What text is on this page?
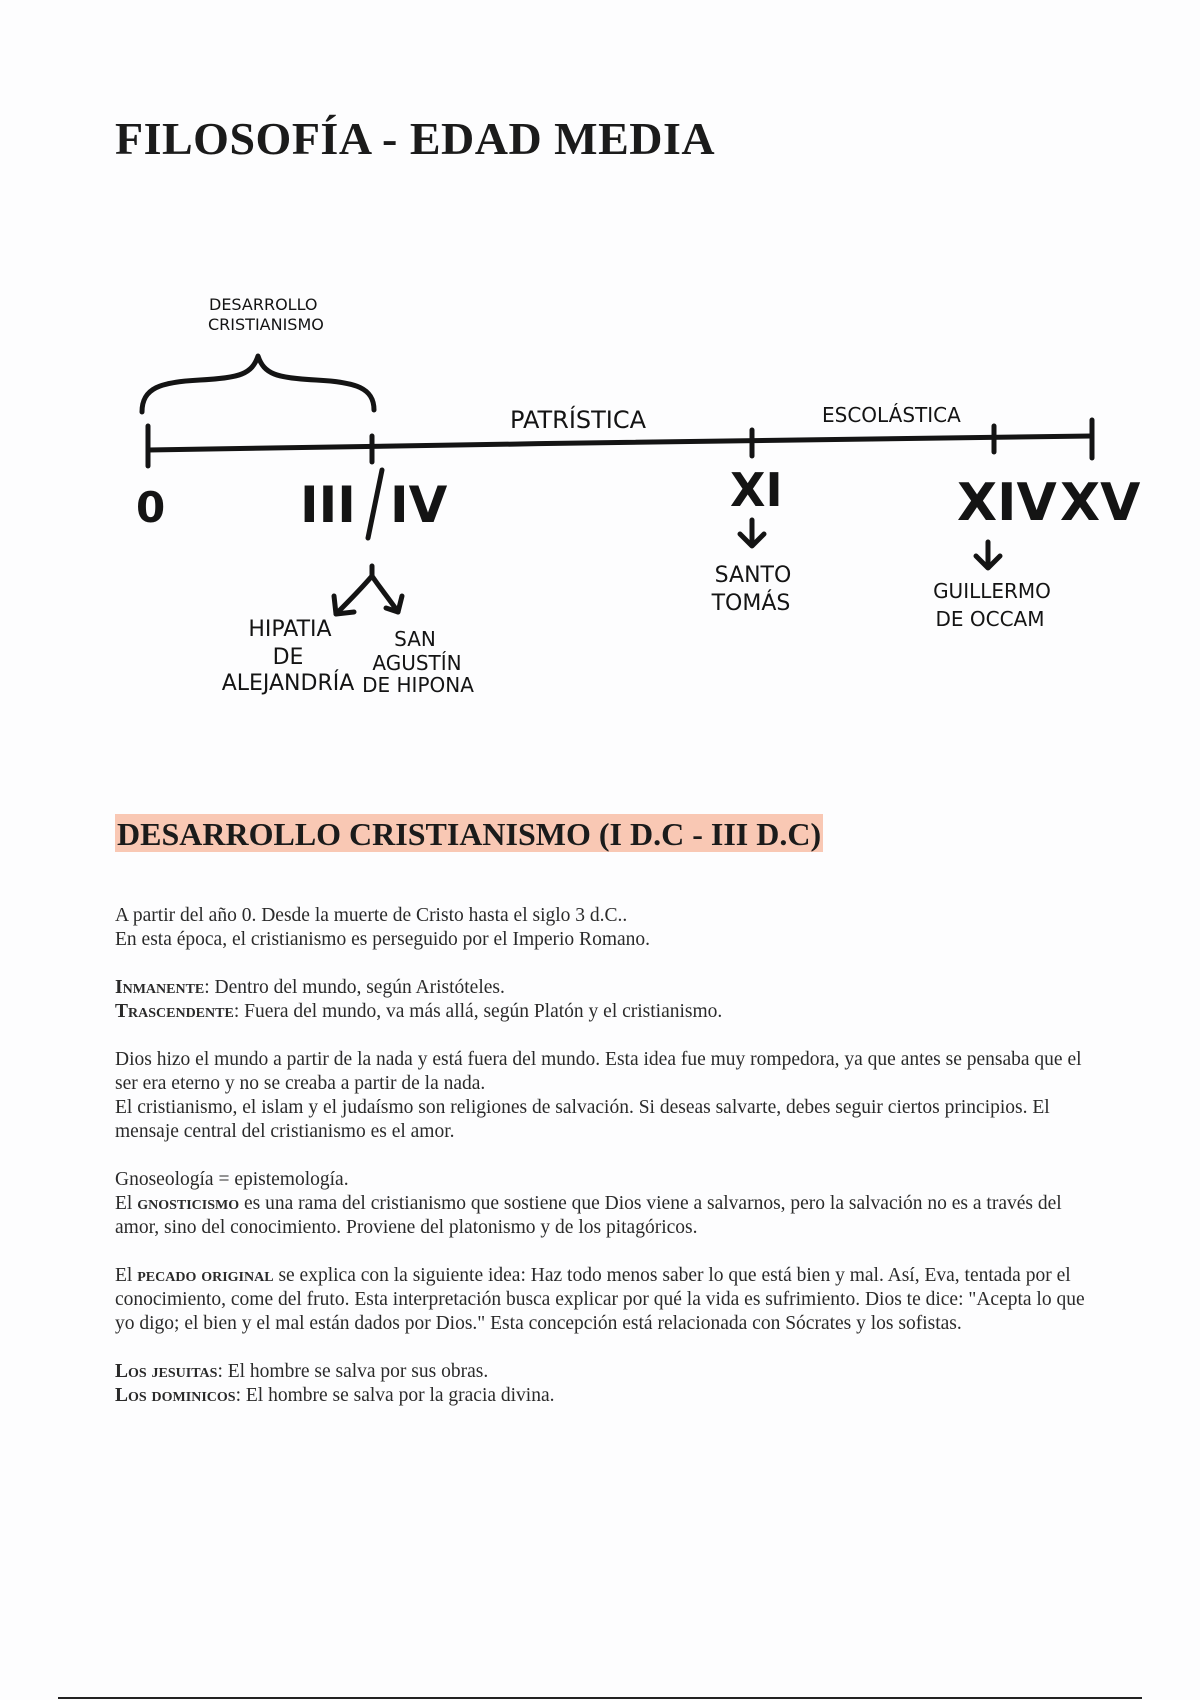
FILOSOFÍA - EDAD MEDIA
DESARROLLO
CRISTIANISMO
PATRÍSTICA	ESCOLÁSTICA
0	III IV	XI	XIV XV
HIPATIA
DE
ALEJANDRÍA
SAN
AGUSTÍN
DE HIPONA
SANTO
TOMÁS	GUILLERMO
DE OCCAM
DESARROLLO CRISTIANISMO (I D.C - III D.C)

A partir del año 0. Desde la muerte de Cristo hasta el siglo 3 d.C..
En esta época, el cristianismo es perseguido por el Imperio Romano.

Inmanente: Dentro del mundo, según Aristóteles.
Trascendente: Fuera del mundo, va más allá, según Platón y el cristianismo.

Dios hizo el mundo a partir de la nada y está fuera del mundo. Esta idea fue muy rompedora, ya que antes se pensaba que el ser era eterno y no se creaba a partir de la nada.
El cristianismo, el islam y el judaísmo son religiones de salvación. Si deseas salvarte, debes seguir ciertos principios. El mensaje central del cristianismo es el amor.

Gnoseología = epistemología.
El gnosticismo es una rama del cristianismo que sostiene que Dios viene a salvarnos, pero la salvación no es a través del amor, sino del conocimiento. Proviene del platonismo y de los pitagóricos.

El pecado original se explica con la siguiente idea: Haz todo menos saber lo que está bien y mal. Así, Eva, tentada por el conocimiento, come del fruto. Esta interpretación busca explicar por qué la vida es sufrimiento. Dios te dice: "Acepta lo que yo digo; el bien y el mal están dados por Dios." Esta concepción está relacionada con Sócrates y los sofistas.

Los jesuitas: El hombre se salva por sus obras.
Los dominicos: El hombre se salva por la gracia divina.
